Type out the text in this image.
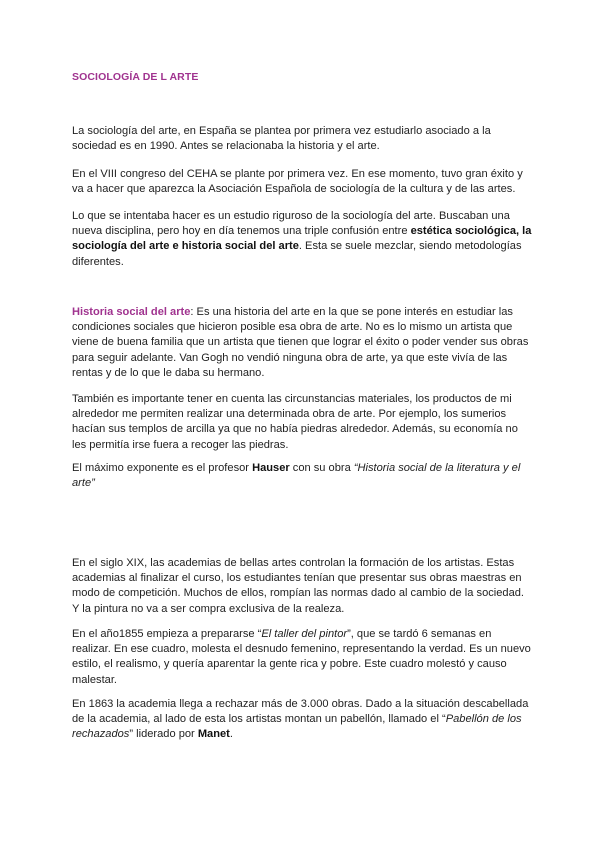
SOCIOLOGÍA DE L ARTE

La sociología del arte, en España se plantea por primera vez estudiarlo asociado a la sociedad es en 1990. Antes se relacionaba la historia y el arte.

En el VIII congreso del CEHA se plante por primera vez. En ese momento, tuvo gran éxito y va a hacer que aparezca la Asociación Española de sociología de la cultura y de las artes.

Lo que se intentaba hacer es un estudio riguroso de la sociología del arte. Buscaban una nueva disciplina, pero hoy en día tenemos una triple confusión entre estética sociológica, la sociología del arte e historia social del arte. Esta se suele mezclar, siendo metodologías diferentes.

Historia social del arte: Es una historia del arte en la que se pone interés en estudiar las condiciones sociales que hicieron posible esa obra de arte. No es lo mismo un artista que viene de buena familia que un artista que tienen que lograr el éxito o poder vender sus obras para seguir adelante. Van Gogh no vendió ninguna obra de arte, ya que este vivía de las rentas y de lo que le daba su hermano.

También es importante tener en cuenta las circunstancias materiales, los productos de mi alrededor me permiten realizar una determinada obra de arte. Por ejemplo, los sumerios hacían sus templos de arcilla ya que no había piedras alrededor. Además, su economía no les permitía irse fuera a recoger las piedras.

El máximo exponente es el profesor Hauser con su obra “Historia social de la literatura y el arte”

En el siglo XIX, las academias de bellas artes controlan la formación de los artistas. Estas academias al finalizar el curso, los estudiantes tenían que presentar sus obras maestras en modo de competición. Muchos de ellos, rompían las normas dado al cambio de la sociedad. Y la pintura no va a ser compra exclusiva de la realeza.

En el año1855 empieza a prepararse “El taller del pintor”, que se tardó 6 semanas en realizar. En ese cuadro, molesta el desnudo femenino, representando la verdad. Es un nuevo estilo, el realismo, y quería aparentar la gente rica y pobre. Este cuadro molestó y causo malestar.

En 1863 la academia llega a rechazar más de 3.000 obras. Dado a la situación descabellada de la academia, al lado de esta los artistas montan un pabellón, llamado el “Pabellón de los rechazados” liderado por Manet.
